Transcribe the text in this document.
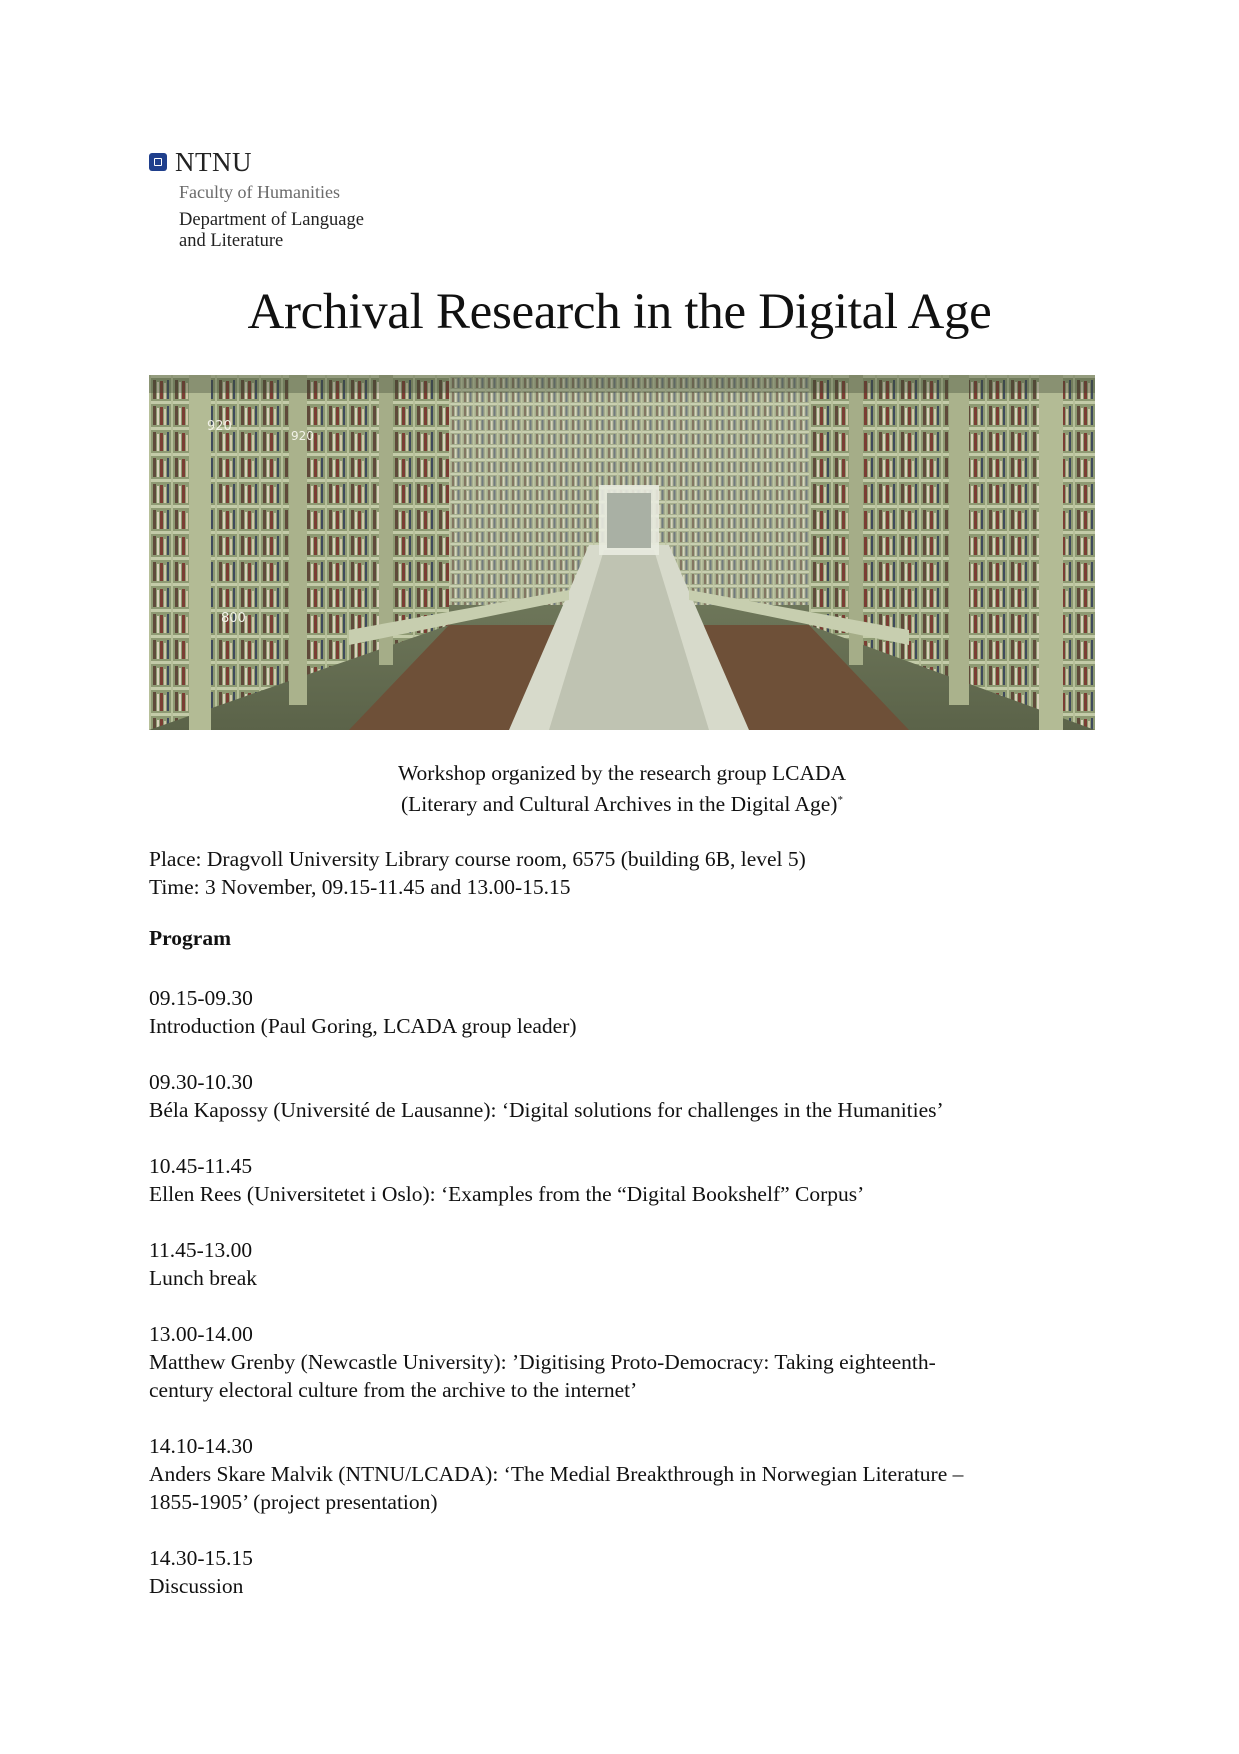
NTNU
Faculty of Humanities
Department of Language
and Literature
Archival Research in the Digital Age
920
920
800
Workshop organized by the research group LCADA
(Literary and Cultural Archives in the Digital Age)*
Place: Dragvoll University Library course room, 6575 (building 6B, level 5)
Time: 3 November, 09.15-11.45 and 13.00-15.15
Program
09.15-09.30
Introduction (Paul Goring, LCADA group leader)
09.30-10.30
Béla Kapossy (Université de Lausanne): ‘Digital solutions for challenges in the Humanities’
10.45-11.45
Ellen Rees (Universitetet i Oslo): ‘Examples from the “Digital Bookshelf” Corpus’
11.45-13.00
Lunch break
13.00-14.00
Matthew Grenby (Newcastle University): ’Digitising Proto-Democracy: Taking eighteenth-
century electoral culture from the archive to the internet’
14.10-14.30
Anders Skare Malvik (NTNU/LCADA): ‘The Medial Breakthrough in Norwegian Literature –
1855-1905’ (project presentation)
14.30-15.15
Discussion
